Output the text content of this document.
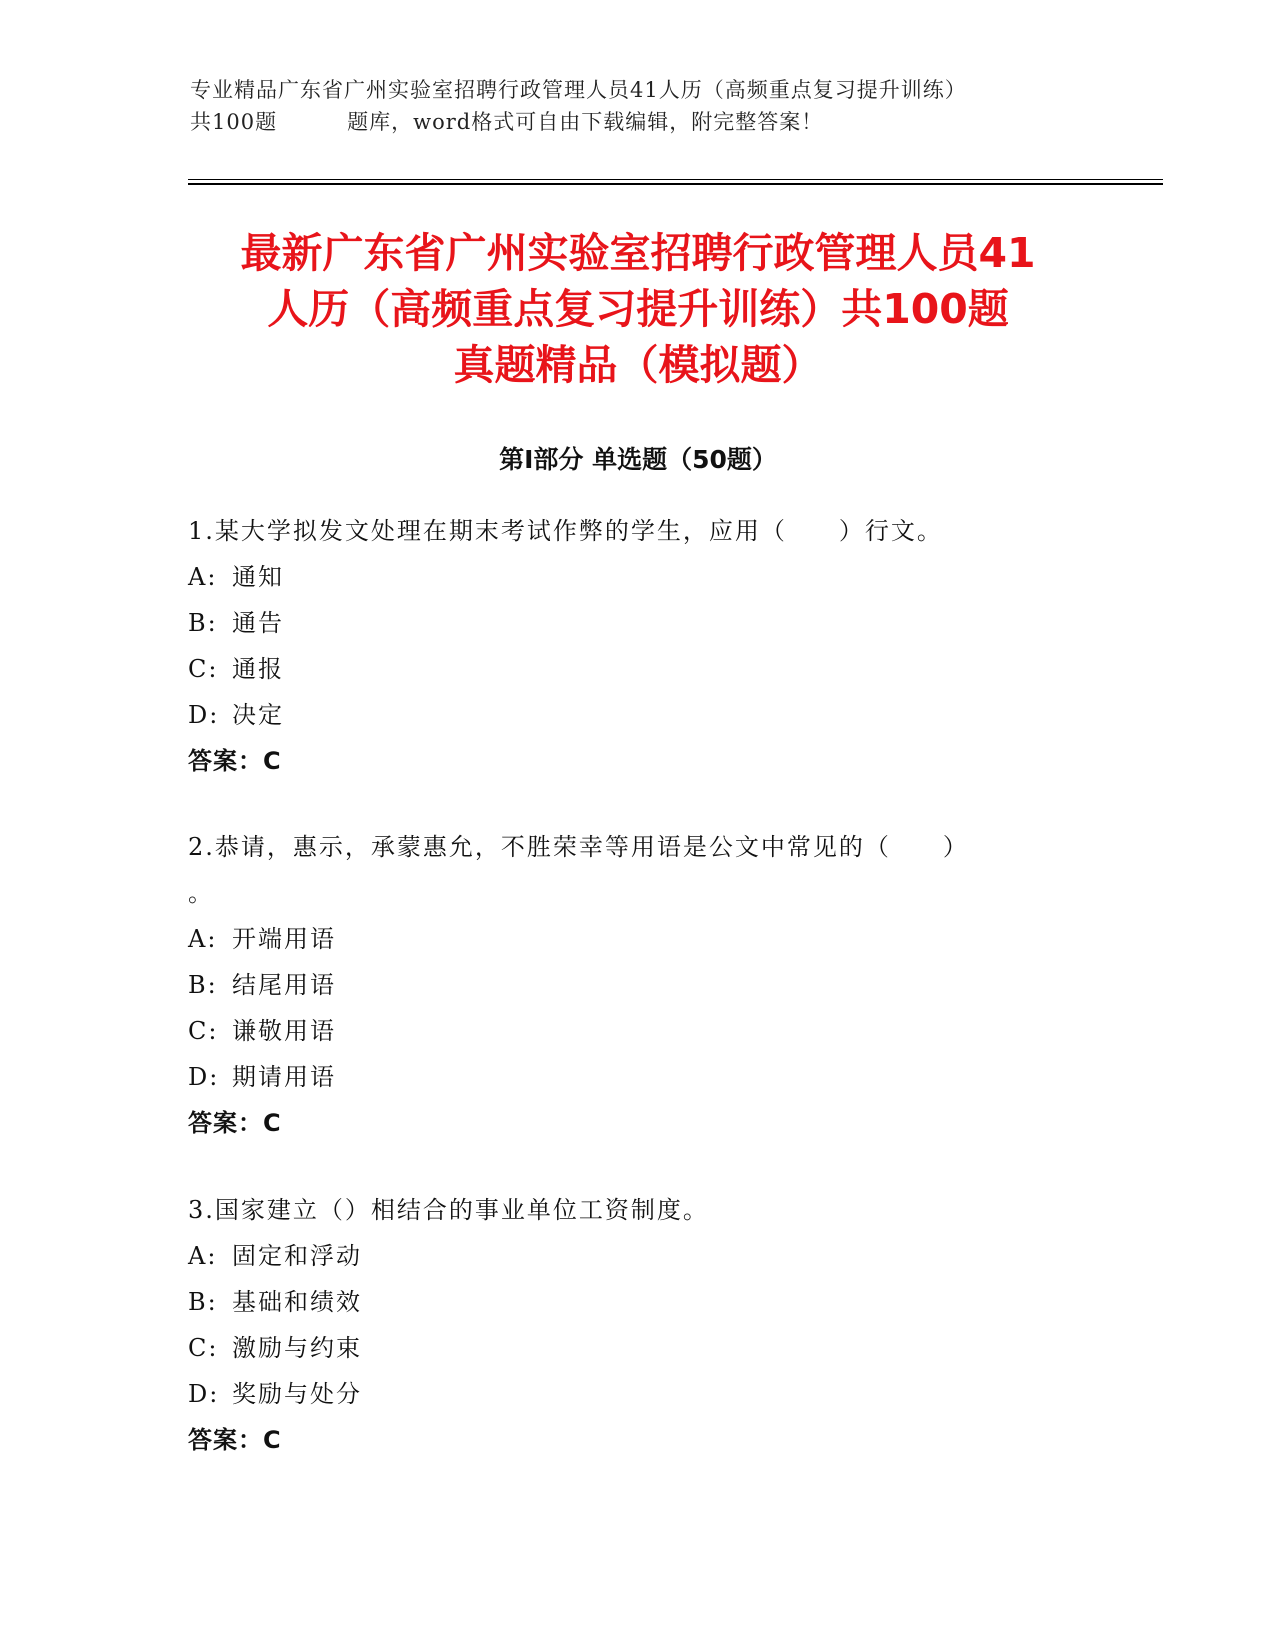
专业精品广东省广州实验室招聘行政管理人员41人历（高频重点复习提升训练）
共100题	题库，word格式可自由下载编辑，附完整答案！
最新广东省广州实验室招聘行政管理人员41
人历（高频重点复习提升训练）共100题
真题精品（模拟题）
第Ⅰ部分 单选题（50题）
1.某大学拟发文处理在期末考试作弊的学生，应用（　　）行文。
A: 通知
B: 通告
C: 通报
D: 决定
答案：C
2.恭请，惠示，承蒙惠允，不胜荣幸等用语是公文中常见的（　　）
。
A: 开端用语
B: 结尾用语
C: 谦敬用语
D: 期请用语
答案：C
3.国家建立（）相结合的事业单位工资制度。
A: 固定和浮动
B: 基础和绩效
C: 激励与约束
D: 奖励与处分
答案：C
